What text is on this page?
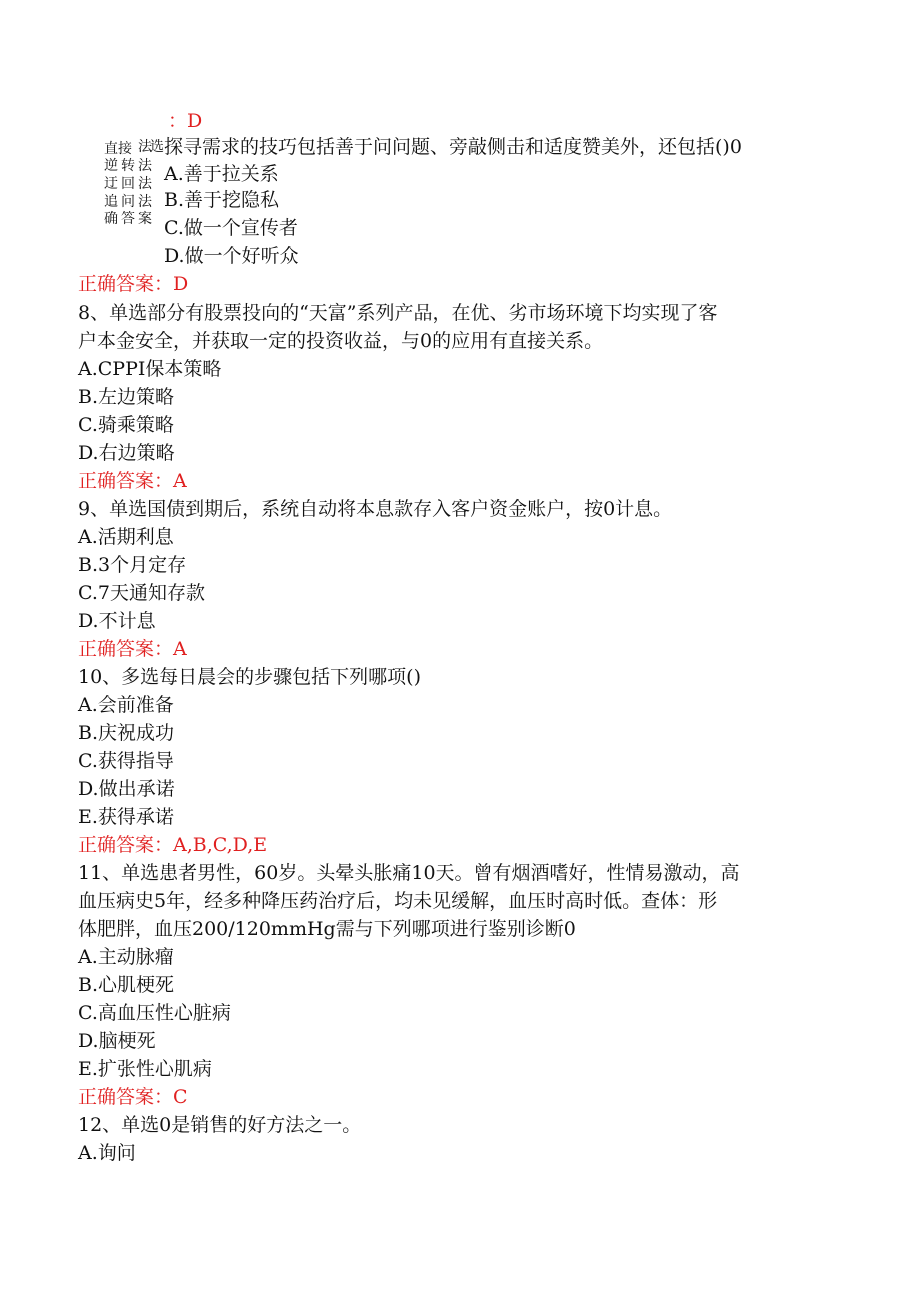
：D
直接 法
逆转法
迂回法
追问法
确答案
选 探寻需求的技巧包括善于问问题、旁敲侧击和适度赞美外，还包括()0
A.善于拉关系
B.善于挖隐私
C.做一个宣传者
D.做一个好听众
正确答案：D
8、单选部分有股票投向的“天富”系列产品，在优、劣市场环境下均实现了客
户本金安全，并获取一定的投资收益，与0的应用有直接关系。
A.CPPI保本策略
B.左边策略
C.骑乘策略
D.右边策略
正确答案：A
9、单选国债到期后，系统自动将本息款存入客户资金账户，按0计息。
A.活期利息
B.3个月定存
C.7天通知存款
D.不计息
正确答案：A
10、多选每日晨会的步骤包括下列哪项()
A.会前准备
B.庆祝成功
C.获得指导
D.做出承诺
E.获得承诺
正确答案：A,B,C,D,E
11、单选患者男性，60岁。头晕头胀痛10天。曾有烟酒嗜好，性情易激动，高
血压病史5年，经多种降压药治疗后，均未见缓解，血压时高时低。查体：形
体肥胖，血压200/120mmHg需与下列哪项进行鉴别诊断0
A.主动脉瘤
B.心肌梗死
C.高血压性心脏病
D.脑梗死
E.扩张性心肌病
正确答案：C
12、单选0是销售的好方法之一。
A.询问
